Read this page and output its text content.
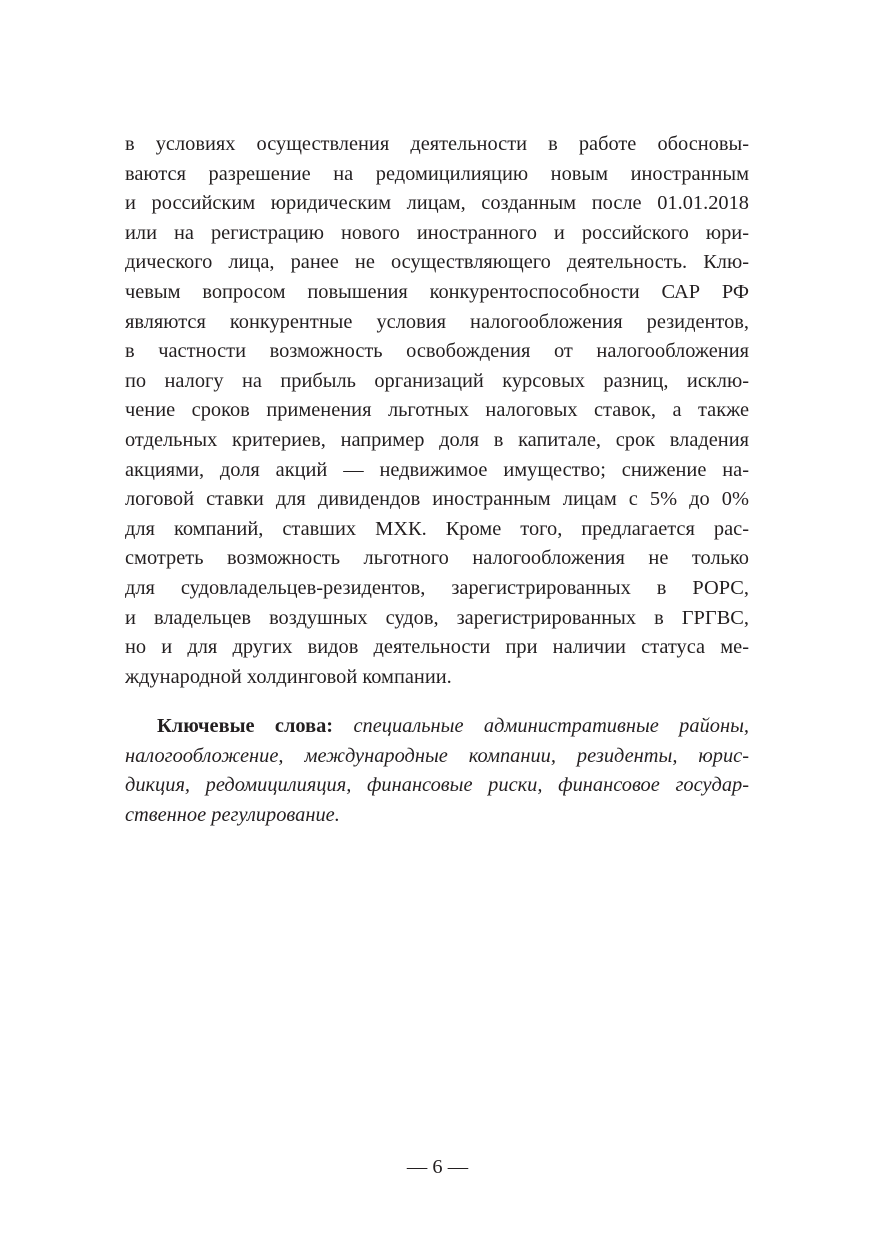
в условиях осуществления деятельности в работе обосновы-
ваются разрешение на редомицилияцию новым иностранным
и российским юридическим лицам, созданным после 01.01.2018
или на регистрацию нового иностранного и российского юри-
дического лица, ранее не осуществляющего деятельность. Клю-
чевым вопросом повышения конкурентоспособности САР РФ
являются конкурентные условия налогообложения резидентов,
в частности возможность освобождения от налогообложения
по налогу на прибыль организаций курсовых разниц, исклю-
чение сроков применения льготных налоговых ставок, а также
отдельных критериев, например доля в капитале, срок владения
акциями, доля акций — недвижимое имущество; снижение на-
логовой ставки для дивидендов иностранным лицам с 5% до 0%
для компаний, ставших МХК. Кроме того, предлагается рас-
смотреть возможность льготного налогообложения не только
для судовладельцев-резидентов, зарегистрированных в РОРС,
и владельцев воздушных судов, зарегистрированных в ГРГВС,
но и для других видов деятельности при наличии статуса ме-
ждународной холдинговой компании.
Ключевые слова: специальные административные районы,
налогообложение, международные компании, резиденты, юрис-
дикция, редомицилияция, финансовые риски, финансовое государ-
ственное регулирование.
— 6 —
